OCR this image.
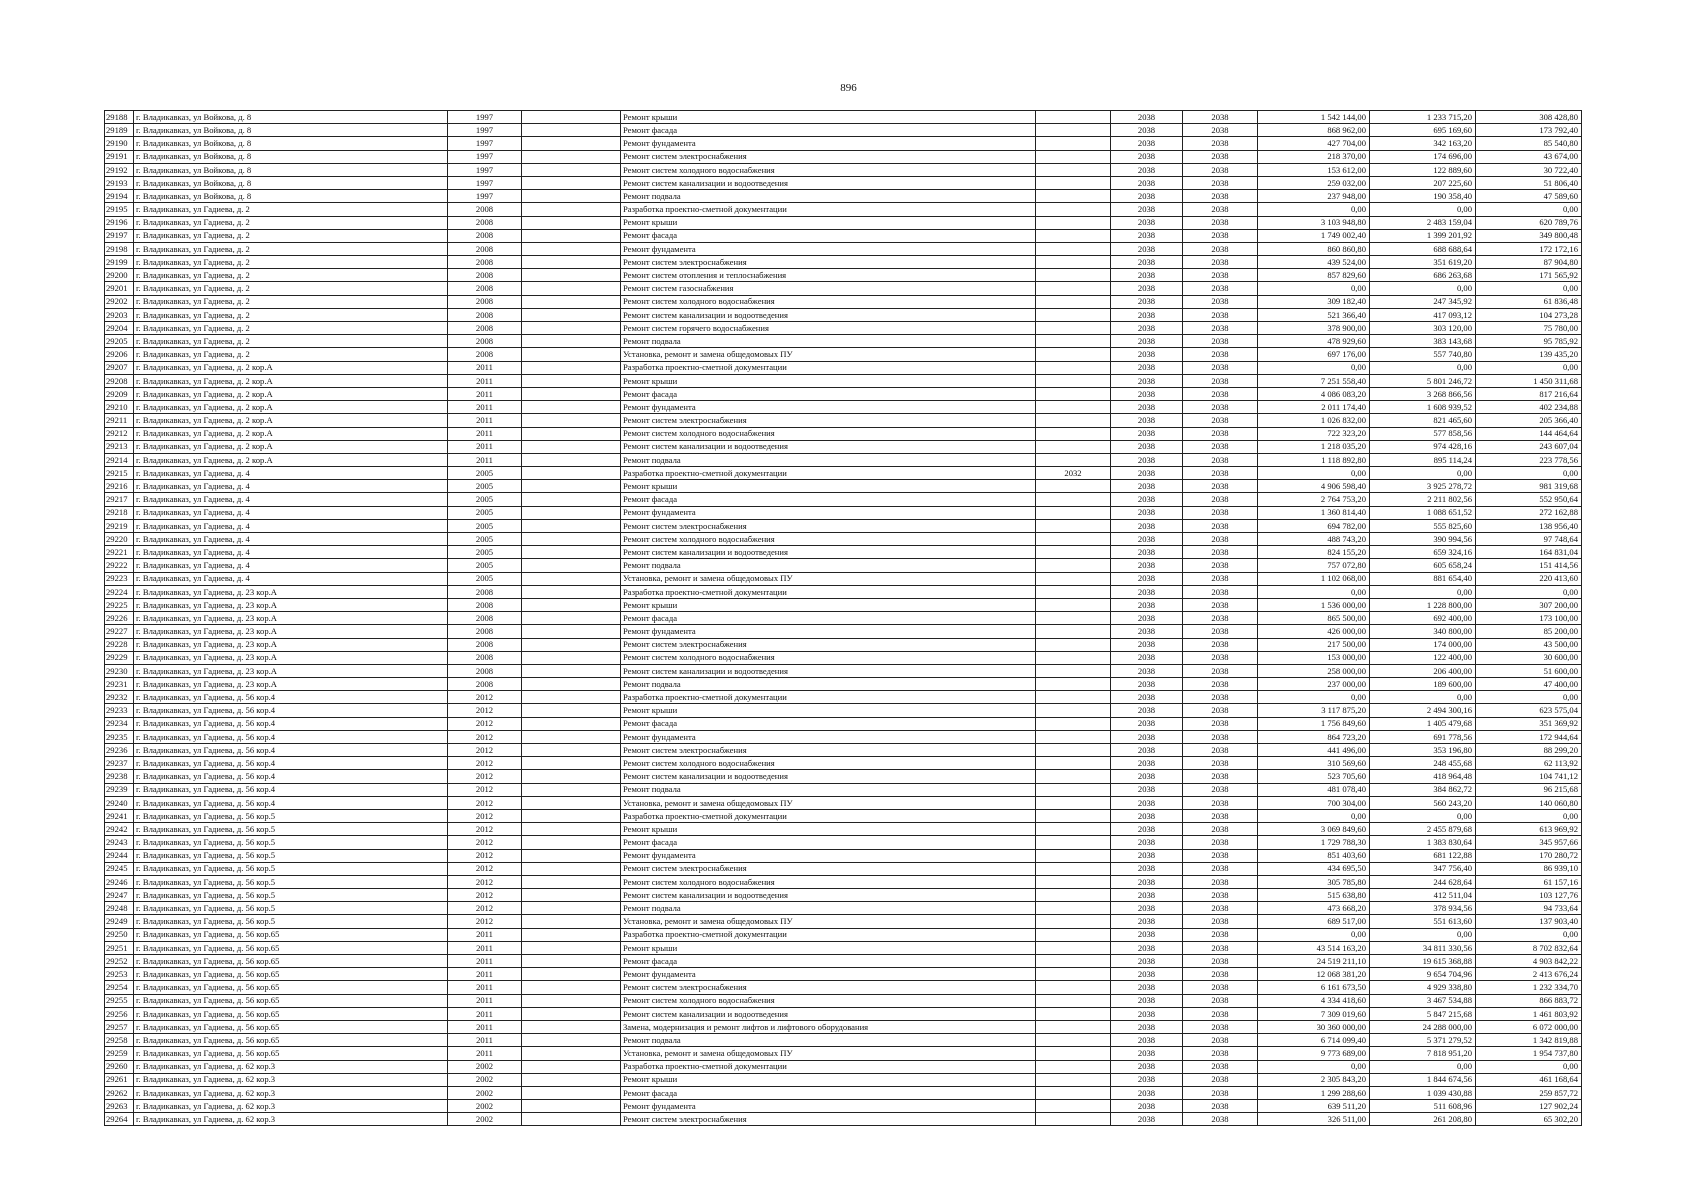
896
29188	г. Владикавказ, ул Войкова, д. 8	1997		Ремонт крыши		2038	2038	1 542 144,00	1 233 715,20	308 428,80
29189	г. Владикавказ, ул Войкова, д. 8	1997		Ремонт фасада		2038	2038	868 962,00	695 169,60	173 792,40
29190	г. Владикавказ, ул Войкова, д. 8	1997		Ремонт фундамента		2038	2038	427 704,00	342 163,20	85 540,80
29191	г. Владикавказ, ул Войкова, д. 8	1997		Ремонт систем электроснабжения		2038	2038	218 370,00	174 696,00	43 674,00
29192	г. Владикавказ, ул Войкова, д. 8	1997		Ремонт систем холодного водоснабжения		2038	2038	153 612,00	122 889,60	30 722,40
29193	г. Владикавказ, ул Войкова, д. 8	1997		Ремонт систем канализации и водоотведения		2038	2038	259 032,00	207 225,60	51 806,40
29194	г. Владикавказ, ул Войкова, д. 8	1997		Ремонт подвала		2038	2038	237 948,00	190 358,40	47 589,60
29195	г. Владикавказ, ул Гадиева, д. 2	2008		Разработка проектно-сметной документации		2038	2038	0,00	0,00	0,00
29196	г. Владикавказ, ул Гадиева, д. 2	2008		Ремонт крыши		2038	2038	3 103 948,80	2 483 159,04	620 789,76
29197	г. Владикавказ, ул Гадиева, д. 2	2008		Ремонт фасада		2038	2038	1 749 002,40	1 399 201,92	349 800,48
29198	г. Владикавказ, ул Гадиева, д. 2	2008		Ремонт фундамента		2038	2038	860 860,80	688 688,64	172 172,16
29199	г. Владикавказ, ул Гадиева, д. 2	2008		Ремонт систем электроснабжения		2038	2038	439 524,00	351 619,20	87 904,80
29200	г. Владикавказ, ул Гадиева, д. 2	2008		Ремонт систем отопления и теплоснабжения		2038	2038	857 829,60	686 263,68	171 565,92
29201	г. Владикавказ, ул Гадиева, д. 2	2008		Ремонт систем газоснабжения		2038	2038	0,00	0,00	0,00
29202	г. Владикавказ, ул Гадиева, д. 2	2008		Ремонт систем холодного водоснабжения		2038	2038	309 182,40	247 345,92	61 836,48
29203	г. Владикавказ, ул Гадиева, д. 2	2008		Ремонт систем канализации и водоотведения		2038	2038	521 366,40	417 093,12	104 273,28
29204	г. Владикавказ, ул Гадиева, д. 2	2008		Ремонт систем горячего водоснабжения		2038	2038	378 900,00	303 120,00	75 780,00
29205	г. Владикавказ, ул Гадиева, д. 2	2008		Ремонт подвала		2038	2038	478 929,60	383 143,68	95 785,92
29206	г. Владикавказ, ул Гадиева, д. 2	2008		Установка, ремонт и замена общедомовых ПУ		2038	2038	697 176,00	557 740,80	139 435,20
29207	г. Владикавказ, ул Гадиева, д. 2 кор.А	2011		Разработка проектно-сметной документации		2038	2038	0,00	0,00	0,00
29208	г. Владикавказ, ул Гадиева, д. 2 кор.А	2011		Ремонт крыши		2038	2038	7 251 558,40	5 801 246,72	1 450 311,68
29209	г. Владикавказ, ул Гадиева, д. 2 кор.А	2011		Ремонт фасада		2038	2038	4 086 083,20	3 268 866,56	817 216,64
29210	г. Владикавказ, ул Гадиева, д. 2 кор.А	2011		Ремонт фундамента		2038	2038	2 011 174,40	1 608 939,52	402 234,88
29211	г. Владикавказ, ул Гадиева, д. 2 кор.А	2011		Ремонт систем электроснабжения		2038	2038	1 026 832,00	821 465,60	205 366,40
29212	г. Владикавказ, ул Гадиева, д. 2 кор.А	2011		Ремонт систем холодного водоснабжения		2038	2038	722 323,20	577 858,56	144 464,64
29213	г. Владикавказ, ул Гадиева, д. 2 кор.А	2011		Ремонт систем канализации и водоотведения		2038	2038	1 218 035,20	974 428,16	243 607,04
29214	г. Владикавказ, ул Гадиева, д. 2 кор.А	2011		Ремонт подвала		2038	2038	1 118 892,80	895 114,24	223 778,56
29215	г. Владикавказ, ул Гадиева, д. 4	2005		Разработка проектно-сметной документации	2032	2038	2038	0,00	0,00	0,00
29216	г. Владикавказ, ул Гадиева, д. 4	2005		Ремонт крыши		2038	2038	4 906 598,40	3 925 278,72	981 319,68
29217	г. Владикавказ, ул Гадиева, д. 4	2005		Ремонт фасада		2038	2038	2 764 753,20	2 211 802,56	552 950,64
29218	г. Владикавказ, ул Гадиева, д. 4	2005		Ремонт фундамента		2038	2038	1 360 814,40	1 088 651,52	272 162,88
29219	г. Владикавказ, ул Гадиева, д. 4	2005		Ремонт систем электроснабжения		2038	2038	694 782,00	555 825,60	138 956,40
29220	г. Владикавказ, ул Гадиева, д. 4	2005		Ремонт систем холодного водоснабжения		2038	2038	488 743,20	390 994,56	97 748,64
29221	г. Владикавказ, ул Гадиева, д. 4	2005		Ремонт систем канализации и водоотведения		2038	2038	824 155,20	659 324,16	164 831,04
29222	г. Владикавказ, ул Гадиева, д. 4	2005		Ремонт подвала		2038	2038	757 072,80	605 658,24	151 414,56
29223	г. Владикавказ, ул Гадиева, д. 4	2005		Установка, ремонт и замена общедомовых ПУ		2038	2038	1 102 068,00	881 654,40	220 413,60
29224	г. Владикавказ, ул Гадиева, д. 23 кор.А	2008		Разработка проектно-сметной документации		2038	2038	0,00	0,00	0,00
29225	г. Владикавказ, ул Гадиева, д. 23 кор.А	2008		Ремонт крыши		2038	2038	1 536 000,00	1 228 800,00	307 200,00
29226	г. Владикавказ, ул Гадиева, д. 23 кор.А	2008		Ремонт фасада		2038	2038	865 500,00	692 400,00	173 100,00
29227	г. Владикавказ, ул Гадиева, д. 23 кор.А	2008		Ремонт фундамента		2038	2038	426 000,00	340 800,00	85 200,00
29228	г. Владикавказ, ул Гадиева, д. 23 кор.А	2008		Ремонт систем электроснабжения		2038	2038	217 500,00	174 000,00	43 500,00
29229	г. Владикавказ, ул Гадиева, д. 23 кор.А	2008		Ремонт систем холодного водоснабжения		2038	2038	153 000,00	122 400,00	30 600,00
29230	г. Владикавказ, ул Гадиева, д. 23 кор.А	2008		Ремонт систем канализации и водоотведения		2038	2038	258 000,00	206 400,00	51 600,00
29231	г. Владикавказ, ул Гадиева, д. 23 кор.А	2008		Ремонт подвала		2038	2038	237 000,00	189 600,00	47 400,00
29232	г. Владикавказ, ул Гадиева, д. 56 кор.4	2012		Разработка проектно-сметной документации		2038	2038	0,00	0,00	0,00
29233	г. Владикавказ, ул Гадиева, д. 56 кор.4	2012		Ремонт крыши		2038	2038	3 117 875,20	2 494 300,16	623 575,04
29234	г. Владикавказ, ул Гадиева, д. 56 кор.4	2012		Ремонт фасада		2038	2038	1 756 849,60	1 405 479,68	351 369,92
29235	г. Владикавказ, ул Гадиева, д. 56 кор.4	2012		Ремонт фундамента		2038	2038	864 723,20	691 778,56	172 944,64
29236	г. Владикавказ, ул Гадиева, д. 56 кор.4	2012		Ремонт систем электроснабжения		2038	2038	441 496,00	353 196,80	88 299,20
29237	г. Владикавказ, ул Гадиева, д. 56 кор.4	2012		Ремонт систем холодного водоснабжения		2038	2038	310 569,60	248 455,68	62 113,92
29238	г. Владикавказ, ул Гадиева, д. 56 кор.4	2012		Ремонт систем канализации и водоотведения		2038	2038	523 705,60	418 964,48	104 741,12
29239	г. Владикавказ, ул Гадиева, д. 56 кор.4	2012		Ремонт подвала		2038	2038	481 078,40	384 862,72	96 215,68
29240	г. Владикавказ, ул Гадиева, д. 56 кор.4	2012		Установка, ремонт и замена общедомовых ПУ		2038	2038	700 304,00	560 243,20	140 060,80
29241	г. Владикавказ, ул Гадиева, д. 56 кор.5	2012		Разработка проектно-сметной документации		2038	2038	0,00	0,00	0,00
29242	г. Владикавказ, ул Гадиева, д. 56 кор.5	2012		Ремонт крыши		2038	2038	3 069 849,60	2 455 879,68	613 969,92
29243	г. Владикавказ, ул Гадиева, д. 56 кор.5	2012		Ремонт фасада		2038	2038	1 729 788,30	1 383 830,64	345 957,66
29244	г. Владикавказ, ул Гадиева, д. 56 кор.5	2012		Ремонт фундамента		2038	2038	851 403,60	681 122,88	170 280,72
29245	г. Владикавказ, ул Гадиева, д. 56 кор.5	2012		Ремонт систем электроснабжения		2038	2038	434 695,50	347 756,40	86 939,10
29246	г. Владикавказ, ул Гадиева, д. 56 кор.5	2012		Ремонт систем холодного водоснабжения		2038	2038	305 785,80	244 628,64	61 157,16
29247	г. Владикавказ, ул Гадиева, д. 56 кор.5	2012		Ремонт систем канализации и водоотведения		2038	2038	515 638,80	412 511,04	103 127,76
29248	г. Владикавказ, ул Гадиева, д. 56 кор.5	2012		Ремонт подвала		2038	2038	473 668,20	378 934,56	94 733,64
29249	г. Владикавказ, ул Гадиева, д. 56 кор.5	2012		Установка, ремонт и замена общедомовых ПУ		2038	2038	689 517,00	551 613,60	137 903,40
29250	г. Владикавказ, ул Гадиева, д. 56 кор.65	2011		Разработка проектно-сметной документации		2038	2038	0,00	0,00	0,00
29251	г. Владикавказ, ул Гадиева, д. 56 кор.65	2011		Ремонт крыши		2038	2038	43 514 163,20	34 811 330,56	8 702 832,64
29252	г. Владикавказ, ул Гадиева, д. 56 кор.65	2011		Ремонт фасада		2038	2038	24 519 211,10	19 615 368,88	4 903 842,22
29253	г. Владикавказ, ул Гадиева, д. 56 кор.65	2011		Ремонт фундамента		2038	2038	12 068 381,20	9 654 704,96	2 413 676,24
29254	г. Владикавказ, ул Гадиева, д. 56 кор.65	2011		Ремонт систем электроснабжения		2038	2038	6 161 673,50	4 929 338,80	1 232 334,70
29255	г. Владикавказ, ул Гадиева, д. 56 кор.65	2011		Ремонт систем холодного водоснабжения		2038	2038	4 334 418,60	3 467 534,88	866 883,72
29256	г. Владикавказ, ул Гадиева, д. 56 кор.65	2011		Ремонт систем канализации и водоотведения		2038	2038	7 309 019,60	5 847 215,68	1 461 803,92
29257	г. Владикавказ, ул Гадиева, д. 56 кор.65	2011		Замена, модернизация и ремонт лифтов и лифтового оборудования		2038	2038	30 360 000,00	24 288 000,00	6 072 000,00
29258	г. Владикавказ, ул Гадиева, д. 56 кор.65	2011		Ремонт подвала		2038	2038	6 714 099,40	5 371 279,52	1 342 819,88
29259	г. Владикавказ, ул Гадиева, д. 56 кор.65	2011		Установка, ремонт и замена общедомовых ПУ		2038	2038	9 773 689,00	7 818 951,20	1 954 737,80
29260	г. Владикавказ, ул Гадиева, д. 62 кор.3	2002		Разработка проектно-сметной документации		2038	2038	0,00	0,00	0,00
29261	г. Владикавказ, ул Гадиева, д. 62 кор.3	2002		Ремонт крыши		2038	2038	2 305 843,20	1 844 674,56	461 168,64
29262	г. Владикавказ, ул Гадиева, д. 62 кор.3	2002		Ремонт фасада		2038	2038	1 299 288,60	1 039 430,88	259 857,72
29263	г. Владикавказ, ул Гадиева, д. 62 кор.3	2002		Ремонт фундамента		2038	2038	639 511,20	511 608,96	127 902,24
29264	г. Владикавказ, ул Гадиева, д. 62 кор.3	2002		Ремонт систем электроснабжения		2038	2038	326 511,00	261 208,80	65 302,20
